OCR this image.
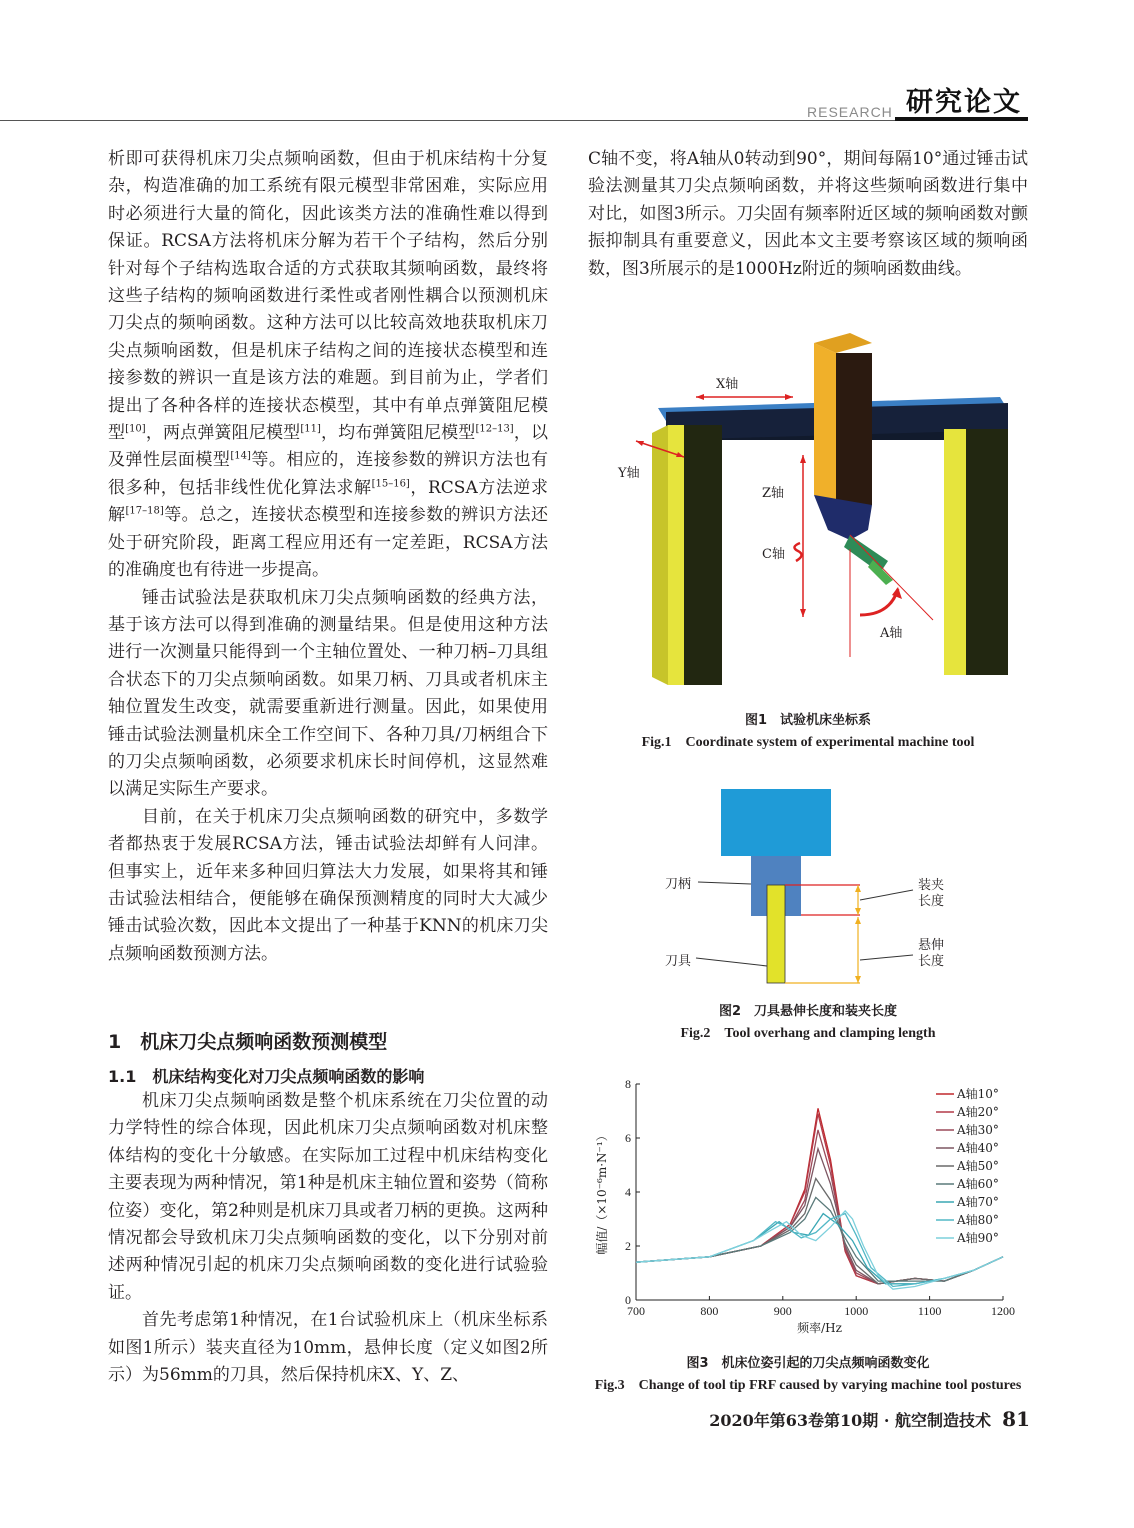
RESEARCH 研究论文

析即可获得机床刀尖点频响函数，但由于机床结构十分复杂，构造准确的加工系统有限元模型非常困难，实际应用时必须进行大量的简化，因此该类方法的准确性难以得到保证。RCSA方法将机床分解为若干个子结构，然后分别针对每个子结构选取合适的方式获取其频响函数，最终将这些子结构的频响函数进行柔性或者刚性耦合以预测机床刀尖点的频响函数。这种方法可以比较高效地获取机床刀尖点频响函数，但是机床子结构之间的连接状态模型和连接参数的辨识一直是该方法的难题。到目前为止，学者们提出了各种各样的连接状态模型，其中有单点弹簧阻尼模型[10]，两点弹簧阻尼模型[11]，均布弹簧阻尼模型[12–13]，以及弹性层面模型[14]等。相应的，连接参数的辨识方法也有很多种，包括非线性优化算法求解[15–16]，RCSA方法逆求解[17–18]等。总之，连接状态模型和连接参数的辨识方法还处于研究阶段，距离工程应用还有一定差距，RCSA方法的准确度也有待进一步提高。

锤击试验法是获取机床刀尖点频响函数的经典方法，基于该方法可以得到准确的测量结果。但是使用这种方法进行一次测量只能得到一个主轴位置处、一种刀柄–刀具组合状态下的刀尖点频响函数。如果刀柄、刀具或者机床主轴位置发生改变，就需要重新进行测量。因此，如果使用锤击试验法测量机床全工作空间下、各种刀具/刀柄组合下的刀尖点频响函数，必须要求机床长时间停机，这显然难以满足实际生产要求。

目前，在关于机床刀尖点频响函数的研究中，多数学者都热衷于发展RCSA方法，锤击试验法却鲜有人问津。但事实上，近年来多种回归算法大力发展，如果将其和锤击试验法相结合，便能够在确保预测精度的同时大大减少锤击试验次数，因此本文提出了一种基于KNN的机床刀尖点频响函数预测方法。

1　机床刀尖点频响函数预测模型
1.1　机床结构变化对刀尖点频响函数的影响

机床刀尖点频响函数是整个机床系统在刀尖位置的动力学特性的综合体现，因此机床刀尖点频响函数对机床整体结构的变化十分敏感。在实际加工过程中机床结构变化主要表现为两种情况，第1种是机床主轴位置和姿势（简称位姿）变化，第2种则是机床刀具或者刀柄的更换。这两种情况都会导致机床刀尖点频响函数的变化，以下分别对前述两种情况引起的机床刀尖点频响函数的变化进行试验验证。

首先考虑第1种情况，在1台试验机床上（机床坐标系如图1所示）装夹直径为10mm，悬伸长度（定义如图2所示）为56mm的刀具，然后保持机床X、Y、Z、

C轴不变，将A轴从0转动到90°，期间每隔10°通过锤击试验法测量其刀尖点频响函数，并将这些频响函数进行集中对比，如图3所示。刀尖固有频率附近区域的频响函数对颤振抑制具有重要意义，因此本文主要考察该区域的频响函数，图3所展示的是1000Hz附近的频响函数曲线。

X轴
Y轴
Z轴
C轴
A轴
图1　试验机床坐标系
Fig.1　Coordinate system of experimental machine tool
刀柄
刀具
装夹
长度
悬伸
长度
图2　刀具悬伸长度和装夹长度
Fig.2　Tool overhang and clamping length
700	800	900	1000	1100	1200
0
2
4
6
8
频率/Hz
幅值/（×10⁻⁶m·N⁻¹）
A轴10°
A轴20°
A轴30°
A轴40°
A轴50°
A轴60°
A轴70°
A轴80°
A轴90°
图3　机床位姿引起的刀尖点频响函数变化
Fig.3　Change of tool tip FRF caused by varying machine tool postures
2020年第63卷第10期 · 航空制造技术 81
